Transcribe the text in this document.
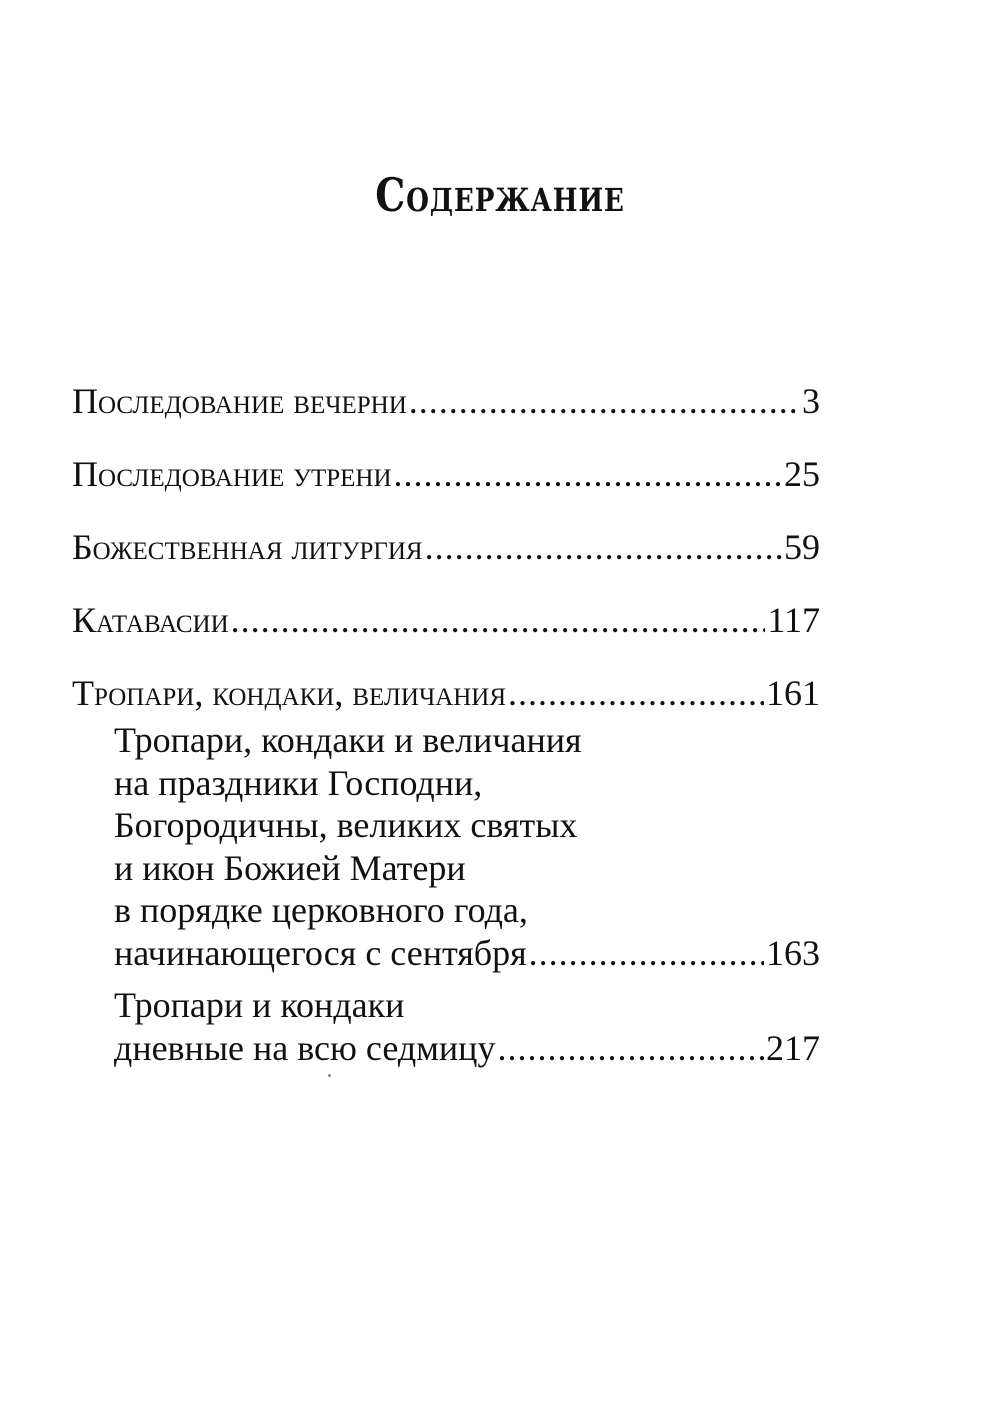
Содержание
Последование вечерни .....	3
Последование утрени .....	25
Божественная литургия .....	59
Катавасии .....	117
Тропари, кондаки, величания .....	161
Тропари, кондаки и величания
на праздники Господни,
Богородичны, великих святых
и икон Божией Матери
в порядке церковного года,
начинающегося с сентября .....	163
Тропари и кондаки
дневные на всю седмицу .....	217
